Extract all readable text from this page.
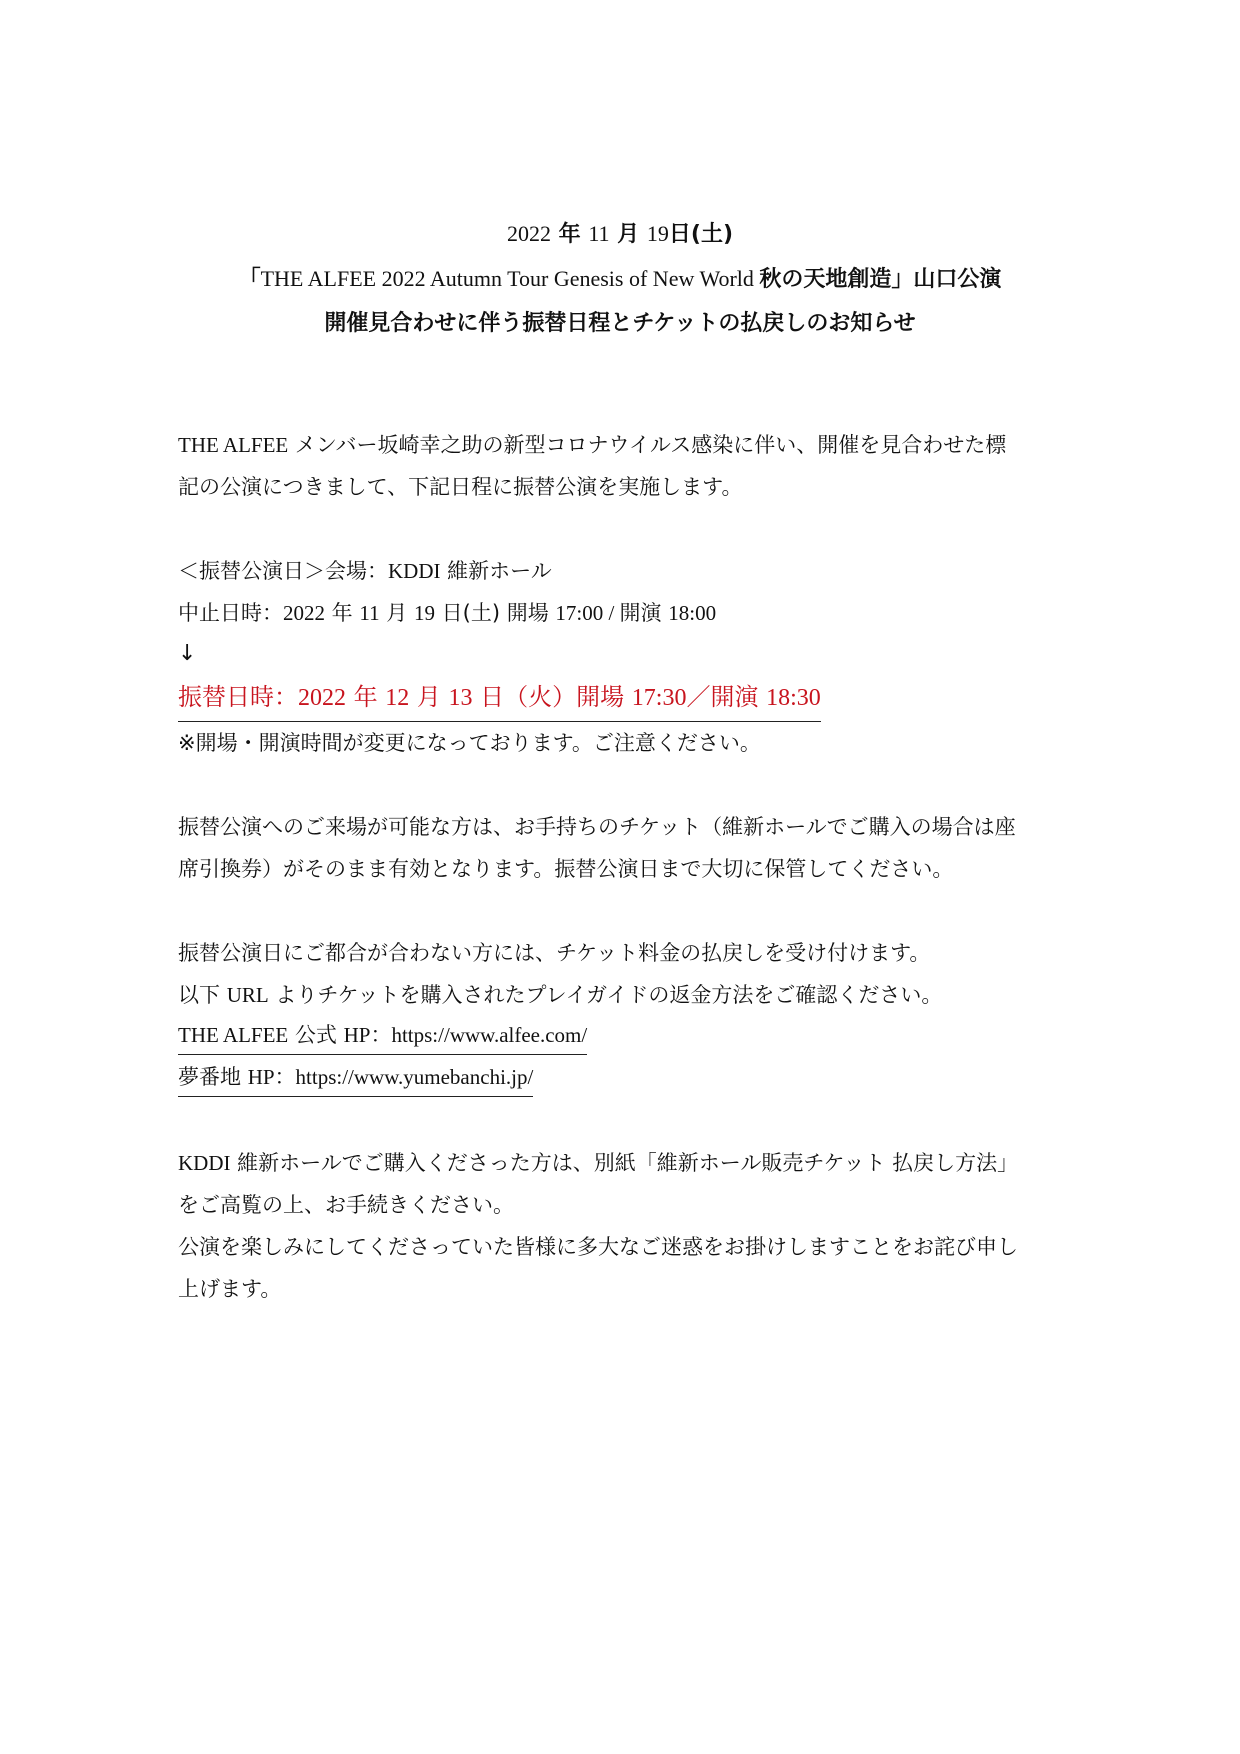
2022 年 11 月 19日(土)
「THE ALFEE 2022 Autumn Tour Genesis of New World 秋の天地創造」山口公演
開催見合わせに伴う振替日程とチケットの払戻しのお知らせ
THE ALFEE メンバー坂崎幸之助の新型コロナウイルス感染に伴い、開催を見合わせた標
記の公演につきまして、下記日程に振替公演を実施します。
＜振替公演日＞会場：KDDI 維新ホール
中止日時：2022 年 11 月 19 日(土) 開場 17:00 / 開演 18:00
↓
振替日時：2022 年 12 月 13 日（火）開場 17:30／開演 18:30
※開場・開演時間が変更になっております。ご注意ください。
振替公演へのご来場が可能な方は、お手持ちのチケット（維新ホールでご購入の場合は座
席引換券）がそのまま有効となります。振替公演日まで大切に保管してください。
振替公演日にご都合が合わない方には、チケット料金の払戻しを受け付けます。
以下 URL よりチケットを購入されたプレイガイドの返金方法をご確認ください。
THE ALFEE 公式 HP：https://www.alfee.com/
夢番地 HP：https://www.yumebanchi.jp/
KDDI 維新ホールでご購入くださった方は、別紙「維新ホール販売チケット 払戻し方法」
をご高覧の上、お手続きください。
公演を楽しみにしてくださっていた皆様に多大なご迷惑をお掛けしますことをお詫び申し
上げます。
